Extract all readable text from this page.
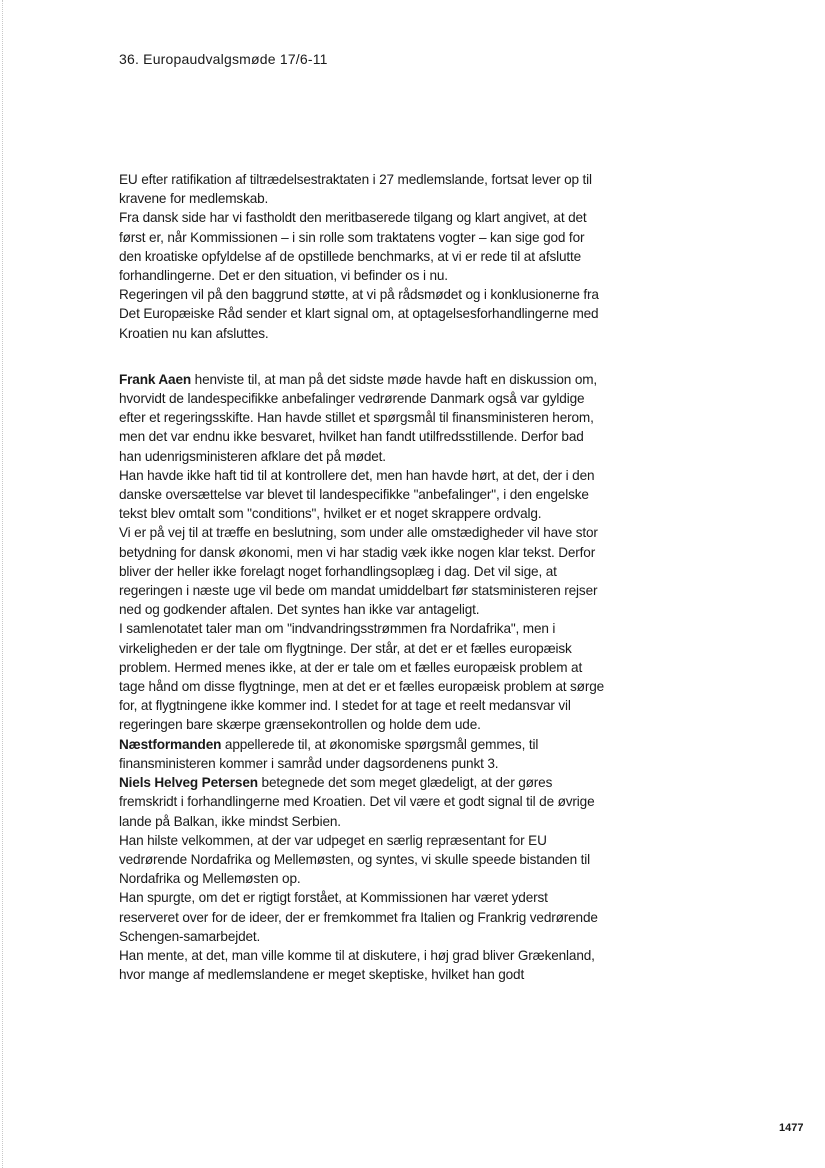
36. Europaudvalgsmøde 17/6-11

EU efter ratifikation af tiltrædelsestraktaten i 27 medlemslande, fortsat lever op til kravene for medlemskab.

Fra dansk side har vi fastholdt den meritbaserede tilgang og klart angivet, at det først er, når Kommissionen – i sin rolle som traktatens vogter – kan sige god for den kroatiske opfyldelse af de opstillede benchmarks, at vi er rede til at afslutte forhandlingerne. Det er den situation, vi befinder os i nu.

Regeringen vil på den baggrund støtte, at vi på rådsmødet og i konklusionerne fra Det Europæiske Råd sender et klart signal om, at optagelsesforhandlingerne med Kroatien nu kan afsluttes.

Frank Aaen henviste til, at man på det sidste møde havde haft en diskussion om, hvorvidt de landespecifikke anbefalinger vedrørende Danmark også var gyldige efter et regeringsskifte. Han havde stillet et spørgsmål til finansministeren herom, men det var endnu ikke besvaret, hvilket han fandt utilfredsstillende. Derfor bad han udenrigsministeren afklare det på mødet.

Han havde ikke haft tid til at kontrollere det, men han havde hørt, at det, der i den danske oversættelse var blevet til landespecifikke "anbefalinger", i den engelske tekst blev omtalt som "conditions", hvilket er et noget skrappere ordvalg.

Vi er på vej til at træffe en beslutning, som under alle omstædigheder vil have stor betydning for dansk økonomi, men vi har stadig væk ikke nogen klar tekst. Derfor bliver der heller ikke forelagt noget forhandlingsoplæg i dag. Det vil sige, at regeringen i næste uge vil bede om mandat umiddelbart før statsministeren rejser ned og godkender aftalen. Det syntes han ikke var antageligt.

I samlenotatet taler man om "indvandringsstrømmen fra Nordafrika", men i virkeligheden er der tale om flygtninge. Der står, at det er et fælles europæisk problem. Hermed menes ikke, at der er tale om et fælles europæisk problem at tage hånd om disse flygtninge, men at det er et fælles europæisk problem at sørge for, at flygtningene ikke kommer ind. I stedet for at tage et reelt medansvar vil regeringen bare skærpe grænsekontrollen og holde dem ude.

Næstformanden appellerede til, at økonomiske spørgsmål gemmes, til finansministeren kommer i samråd under dagsordenens punkt 3.

Niels Helveg Petersen betegnede det som meget glædeligt, at der gøres fremskridt i forhandlingerne med Kroatien. Det vil være et godt signal til de øvrige lande på Balkan, ikke mindst Serbien.

Han hilste velkommen, at der var udpeget en særlig repræsentant for EU vedrørende Nordafrika og Mellemøsten, og syntes, vi skulle speede bistanden til Nordafrika og Mellemøsten op.

Han spurgte, om det er rigtigt forstået, at Kommissionen har været yderst reserveret over for de ideer, der er fremkommet fra Italien og Frankrig vedrørende Schengen-samarbejdet.

Han mente, at det, man ville komme til at diskutere, i høj grad bliver Grækenland, hvor mange af medlemslandene er meget skeptiske, hvilket han godt

1477
